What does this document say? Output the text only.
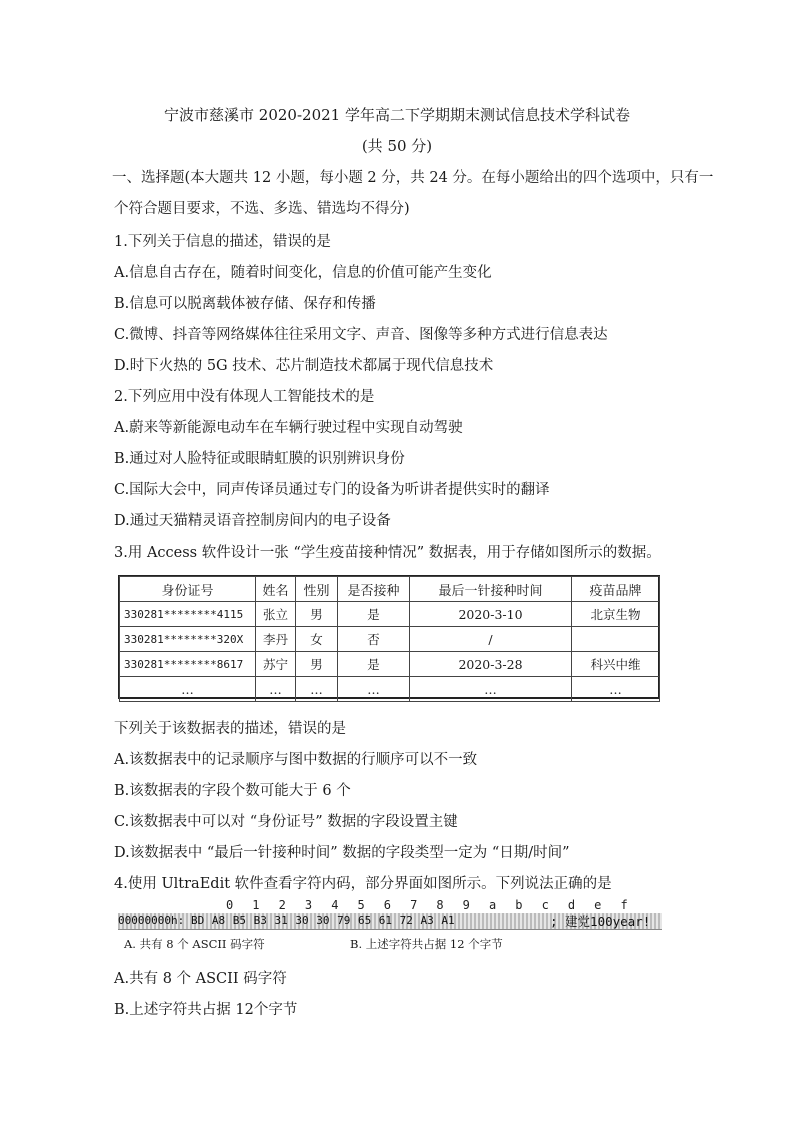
宁波市慈溪市 2020-2021 学年高二下学期期末测试信息技术学科试卷
(共 50 分)
一、选择题(本大题共 12 小题，每小题 2 分，共 24 分。在每小题给出的四个选项中，只有一
个符合题目要求，不选、多选、错选均不得分)
1.下列关于信息的描述，错误的是
A.信息自古存在，随着时间变化，信息的价值可能产生变化
B.信息可以脱离载体被存储、保存和传播
C.微博、抖音等网络媒体往往采用文字、声音、图像等多种方式进行信息表达
D.时下火热的 5G 技术、芯片制造技术都属于现代信息技术
2.下列应用中没有体现人工智能技术的是
A.蔚来等新能源电动车在车辆行驶过程中实现自动驾驶
B.通过对人脸特征或眼睛虹膜的识别辨识身份
C.国际大会中，同声传译员通过专门的设备为听讲者提供实时的翻译
D.通过天猫精灵语音控制房间内的电子设备
3.用 Access 软件设计一张 “学生疫苗接种情况” 数据表，用于存储如图所示的数据。
身份证号	姓名	性别	是否接种	最后一针接种时间	疫苗品牌
330281********4115	张立	男	是	2020-3-10	北京生物
330281********320X	李丹	女	否	/	
330281********8617	苏宁	男	是	2020-3-28	科兴中维
…	…	…	…	…	…
下列关于该数据表的描述，错误的是
A.该数据表中的记录顺序与图中数据的行顺序可以不一致
B.该数据表的字段个数可能大于 6 个
C.该数据表中可以对 “身份证号” 数据的字段设置主键
D.该数据表中 “最后一针接种时间” 数据的字段类型一定为 “日期/时间”
4.使用 UltraEdit 软件查看字符内码，部分界面如图所示。下列说法正确的是
0 1 2 3 4 5 6 7 8 9 a b c d e f
00000000h: BD A8 B5 B3 31 30 30 79 65 61 72 A3 A1	; 建党100year!
A. 共有 8 个 ASCII 码字符	B. 上述字符共占据 12 个字节
A.共有 8 个 ASCII 码字符
B.上述字符共占据 12个字节
